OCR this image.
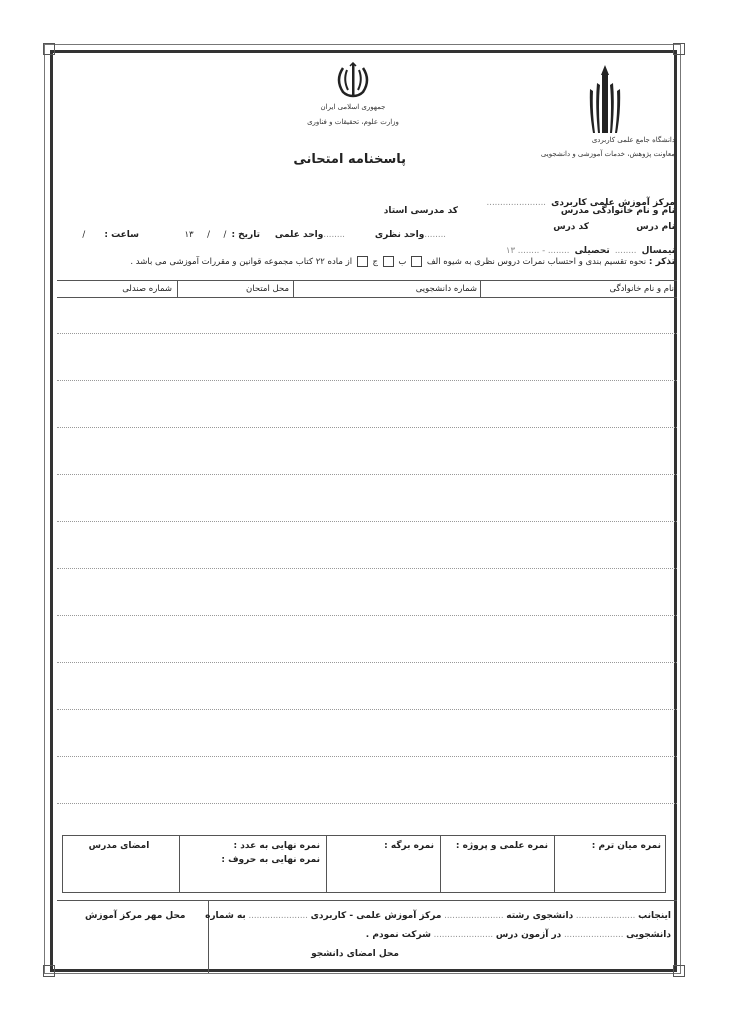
جمهوری اسلامی ایران
وزارت علوم، تحقیقات و فناوری
پاسخنامه امتحانی
دانشگاه جامع علمی کاربردی
معاونت پژوهش، خدمات آموزشی و دانشجویی
مرکز آموزش علمی کاربردی ......................
نام و نام خانوادگی مدرس
کد مدرسی استاد
نام درس
کد درس
........واحد نظری
........واحد علمی
تاریخ : /     /     ۱۳
ساعت : /
نیمسال ........ تحصیلی ........ - ........ ۱۳
تذکر : نحوه تقسیم بندی و احتساب نمرات دروس نظری به شیوه الف  ب  ج  از ماده ۲۲ کتاب مجموعه قوانین و مقررات آموزشی می باشد .
نام و نام خانوادگی
شماره دانشجویی
محل امتحان
شماره صندلی
نمره میان ترم :
نمره علمی و پروژه :
نمره برگه :
نمره نهایی به عدد :
نمره نهایی به حروف :
امضای مدرس
اینجانب ...................... دانشجوی رشته ...................... مرکز آموزش علمی - کاربردی ...................... به شماره
دانشجویی ...................... در آزمون درس ...................... شرکت نمودم .
محل امضای دانشجو
محل مهر مرکز آموزش
